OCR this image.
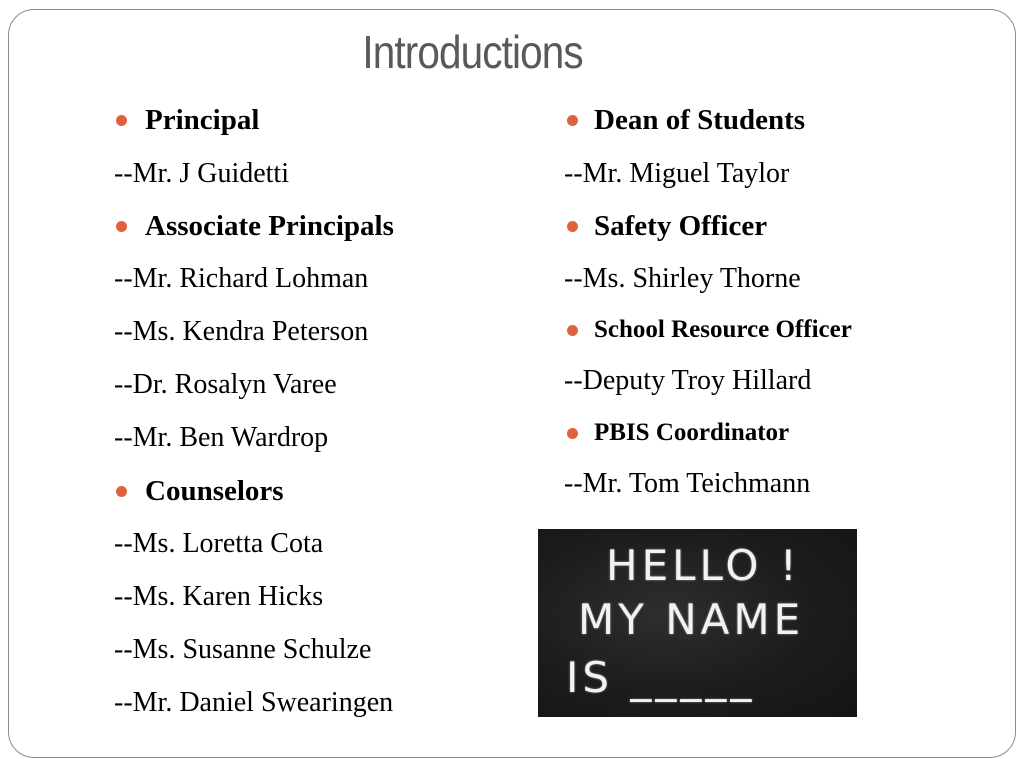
Introductions
Principal
--Mr. J Guidetti
Associate Principals
--Mr. Richard Lohman
--Ms. Kendra Peterson
--Dr. Rosalyn Varee
--Mr. Ben Wardrop
Counselors
--Ms. Loretta Cota
--Ms. Karen Hicks
--Ms. Susanne Schulze
--Mr. Daniel Swearingen
Dean of Students
--Mr. Miguel Taylor
Safety Officer
--Ms. Shirley Thorne
School Resource Officer
--Deputy Troy Hillard
PBIS Coordinator
--Mr. Tom Teichmann
HELLO !
MY NAME
IS _____
